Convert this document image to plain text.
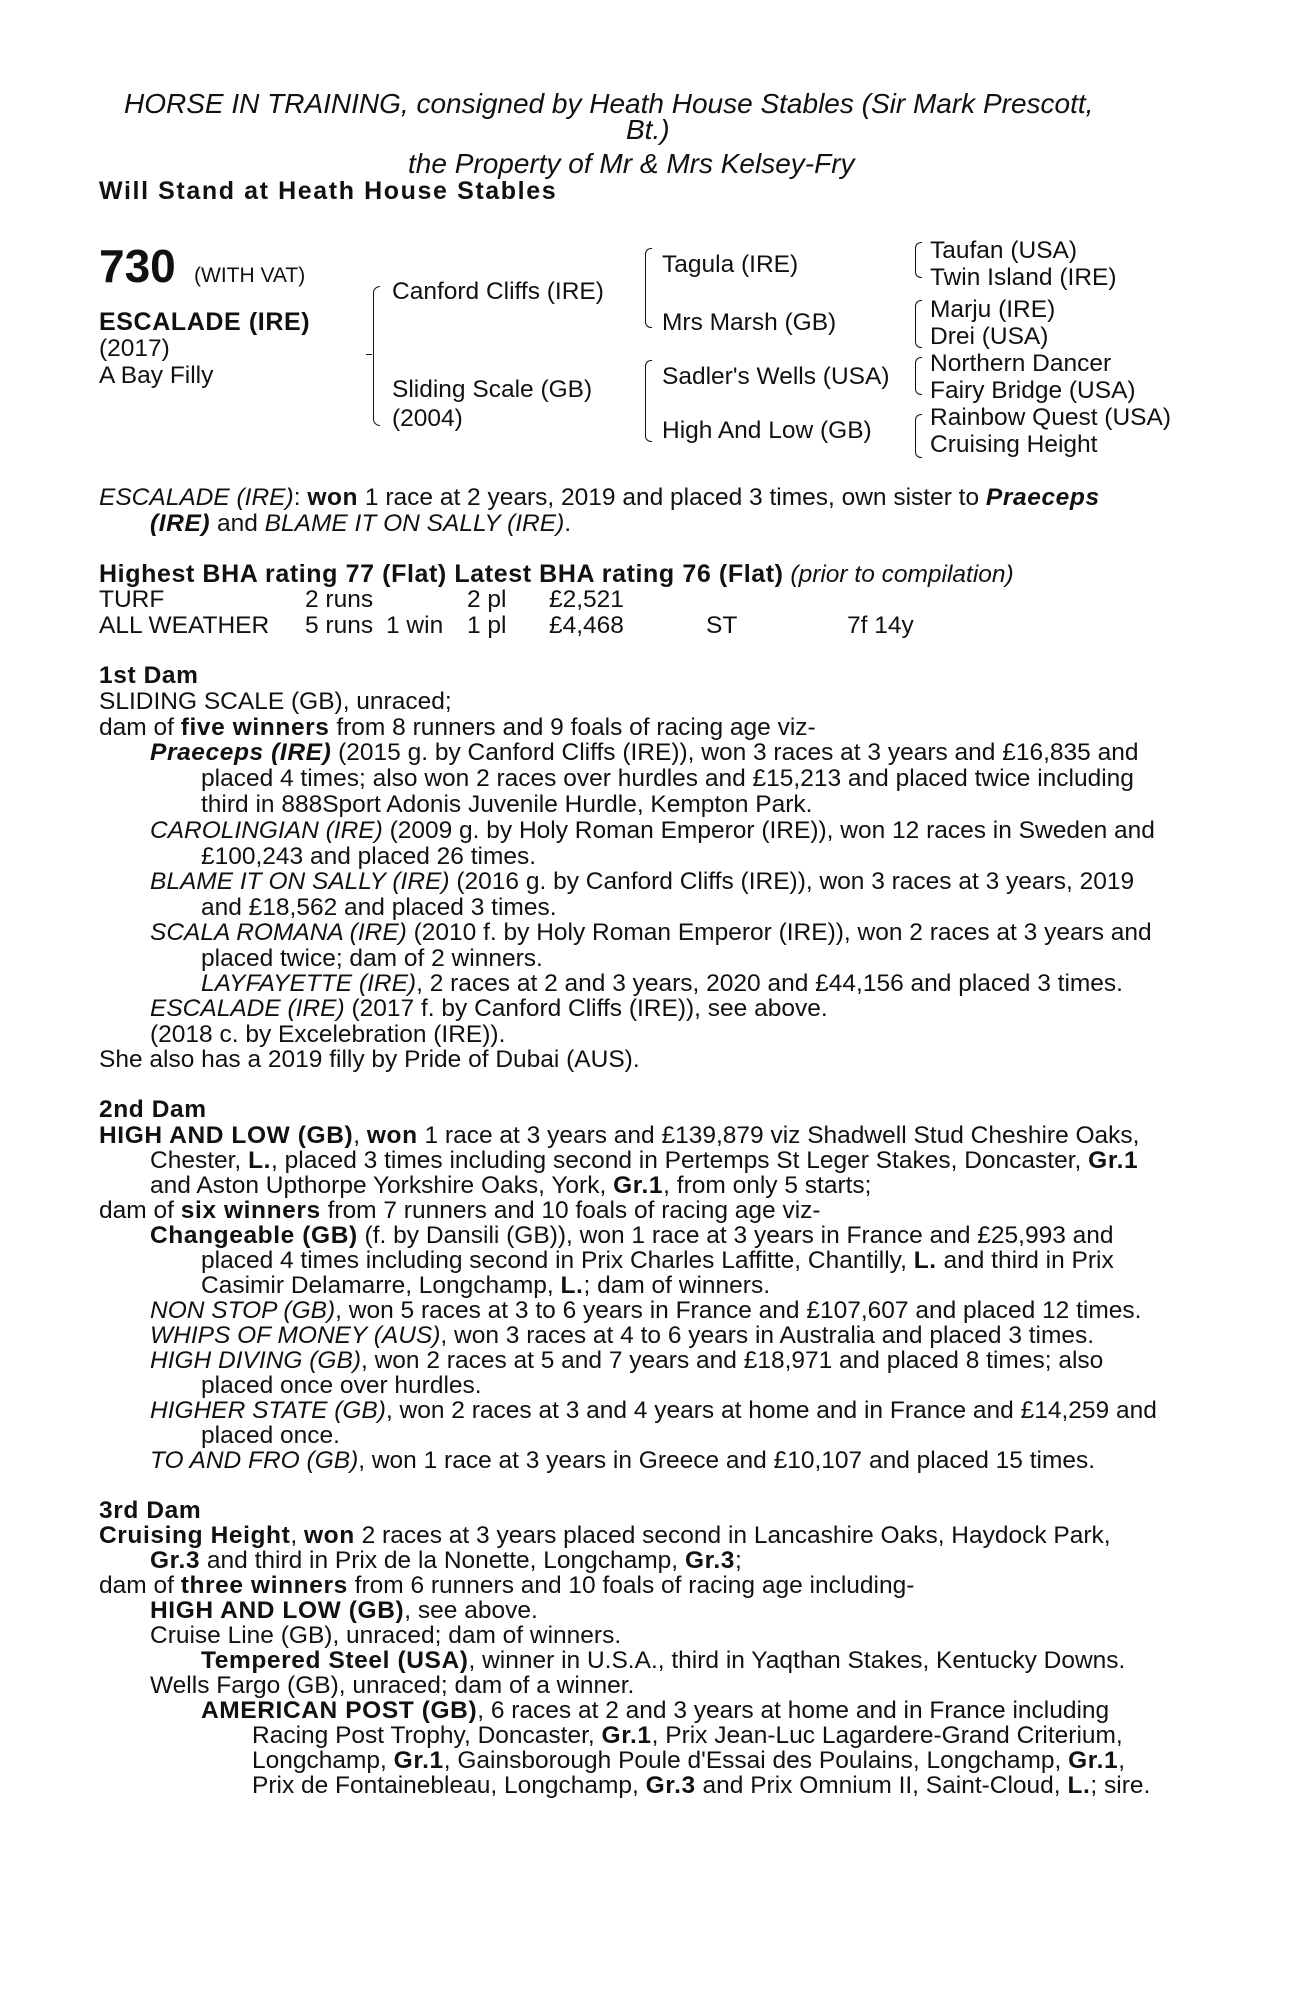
HORSE IN TRAINING, consigned by Heath House Stables (Sir Mark Prescott,
Bt.)
the Property of Mr & Mrs Kelsey-Fry
Will Stand at Heath House Stables
730 (WITH VAT)
ESCALADE (IRE)
(2017)
A Bay Filly
Canford Cliffs (IRE)
Sliding Scale (GB)
(2004)
Tagula (IRE)
Mrs Marsh (GB)
Sadler's Wells (USA)
High And Low (GB)
Taufan (USA)
Twin Island (IRE)
Marju (IRE)
Drei (USA)
Northern Dancer
Fairy Bridge (USA)
Rainbow Quest (USA)
Cruising Height
ESCALADE (IRE): won 1 race at 2 years, 2019 and placed 3 times, own sister to Praeceps
(IRE) and BLAME IT ON SALLY (IRE).
Highest BHA rating 77 (Flat) Latest BHA rating 76 (Flat) (prior to compilation)
TURF	2 runs	2 pl £2,521
ALL WEATHER 5 runs 1 win 1 pl £4,468	ST	7f 14y
1st Dam
SLIDING SCALE (GB), unraced;
dam of five winners from 8 runners and 9 foals of racing age viz-
Praeceps (IRE) (2015 g. by Canford Cliffs (IRE)), won 3 races at 3 years and £16,835 and
placed 4 times; also won 2 races over hurdles and £15,213 and placed twice including
third in 888Sport Adonis Juvenile Hurdle, Kempton Park.
CAROLINGIAN (IRE) (2009 g. by Holy Roman Emperor (IRE)), won 12 races in Sweden and
£100,243 and placed 26 times.
BLAME IT ON SALLY (IRE) (2016 g. by Canford Cliffs (IRE)), won 3 races at 3 years, 2019
and £18,562 and placed 3 times.
SCALA ROMANA (IRE) (2010 f. by Holy Roman Emperor (IRE)), won 2 races at 3 years and
placed twice; dam of 2 winners.
LAYFAYETTE (IRE), 2 races at 2 and 3 years, 2020 and £44,156 and placed 3 times.
ESCALADE (IRE) (2017 f. by Canford Cliffs (IRE)), see above.
(2018 c. by Excelebration (IRE)).
She also has a 2019 filly by Pride of Dubai (AUS).
2nd Dam
HIGH AND LOW (GB), won 1 race at 3 years and £139,879 viz Shadwell Stud Cheshire Oaks,
Chester, L., placed 3 times including second in Pertemps St Leger Stakes, Doncaster, Gr.1
and Aston Upthorpe Yorkshire Oaks, York, Gr.1, from only 5 starts;
dam of six winners from 7 runners and 10 foals of racing age viz-
Changeable (GB) (f. by Dansili (GB)), won 1 race at 3 years in France and £25,993 and
placed 4 times including second in Prix Charles Laffitte, Chantilly, L. and third in Prix
Casimir Delamarre, Longchamp, L.; dam of winners.
NON STOP (GB), won 5 races at 3 to 6 years in France and £107,607 and placed 12 times.
WHIPS OF MONEY (AUS), won 3 races at 4 to 6 years in Australia and placed 3 times.
HIGH DIVING (GB), won 2 races at 5 and 7 years and £18,971 and placed 8 times; also
placed once over hurdles.
HIGHER STATE (GB), won 2 races at 3 and 4 years at home and in France and £14,259 and
placed once.
TO AND FRO (GB), won 1 race at 3 years in Greece and £10,107 and placed 15 times.
3rd Dam
Cruising Height, won 2 races at 3 years placed second in Lancashire Oaks, Haydock Park,
Gr.3 and third in Prix de la Nonette, Longchamp, Gr.3;
dam of three winners from 6 runners and 10 foals of racing age including-
HIGH AND LOW (GB), see above.
Cruise Line (GB), unraced; dam of winners.
Tempered Steel (USA), winner in U.S.A., third in Yaqthan Stakes, Kentucky Downs.
Wells Fargo (GB), unraced; dam of a winner.
AMERICAN POST (GB), 6 races at 2 and 3 years at home and in France including
Racing Post Trophy, Doncaster, Gr.1, Prix Jean-Luc Lagardere-Grand Criterium,
Longchamp, Gr.1, Gainsborough Poule d'Essai des Poulains, Longchamp, Gr.1,
Prix de Fontainebleau, Longchamp, Gr.3 and Prix Omnium II, Saint-Cloud, L.; sire.
